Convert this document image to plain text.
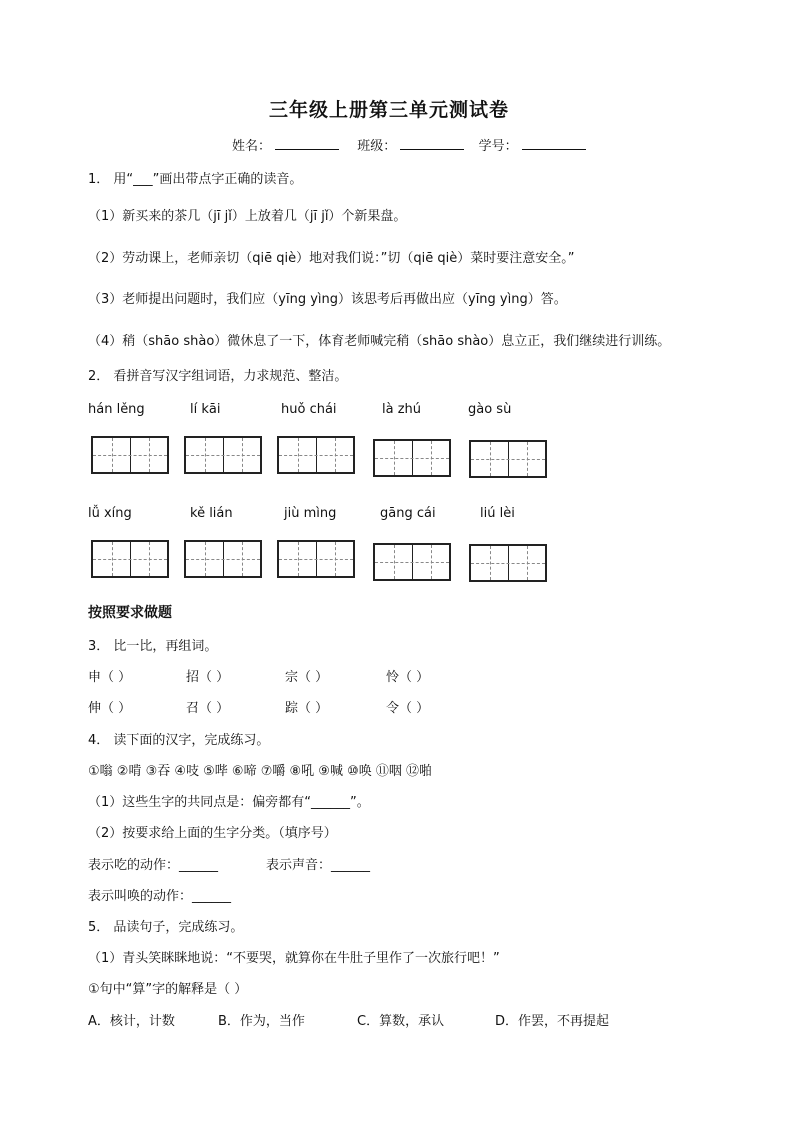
三年级上册第三单元测试卷
姓名：	班级：	学号：
1． 用“___”画出带点字正确的读音。
（1）新买来的茶几（jī jǐ）上放着几（jī jǐ）个新果盘。
（2）劳动课上，老师亲切（qiē qiè）地对我们说：”切（qiē qiè）菜时要注意安全。”
（3）老师提出问题时，我们应（yīng yìng）该思考后再做出应（yīng yìng）答。
（4）稍（shāo shào）微休息了一下，体育老师喊完稍（shāo shào）息立正，我们继续进行训练。
2． 看拼音写汉字组词语，力求规范、整洁。
hán lěng	lí kāi	huǒ chái	là zhú	gào sù
lǚ xíng	kě lián	jiù mìng	gāng cái	liú lèi
按照要求做题
3． 比一比，再组词。
申（ ）	招（ ）	宗（ ）	怜（ ）
伸（ ）	召（ ）	踪（ ）	令（ ）
4． 读下面的汉字，完成练习。
①嗡 ②啃 ③吞 ④吱 ⑤哔 ⑥啼 ⑦嚼 ⑧吼 ⑨喊 ⑩唤 ⑪咽 ⑫啪
（1）这些生字的共同点是：偏旁都有“______”。
（2）按要求给上面的生字分类。（填序号）
表示吃的动作：______	表示声音：______
表示叫唤的动作：______
5． 品读句子，完成练习。
（1）青头笑眯眯地说：“不要哭，就算你在牛肚子里作了一次旅行吧！”
①句中“算”字的解释是（ ）
A．核计，计数	B．作为，当作	C．算数，承认	D．作罢，不再提起
